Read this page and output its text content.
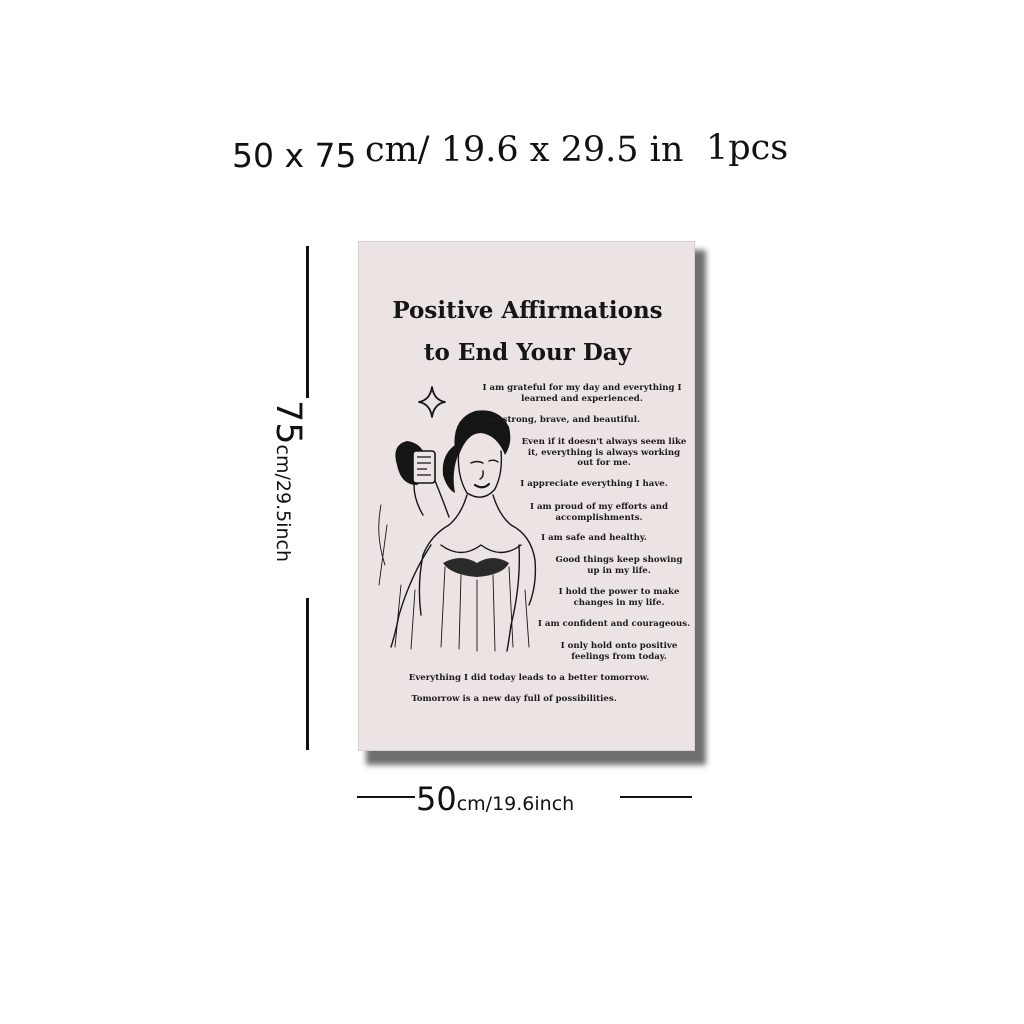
50 x 75 cm/ 19.6 x 29.5 in 1pcs
Positive Affirmations
to End Your Day
I am grateful for my day and everything I
learned and experienced.
I am strong, brave, and beautiful.
Even if it doesn't always seem like
it, everything is always working
out for me.
I appreciate everything I have.
I am proud of my efforts and
accomplishments.
I am safe and healthy.
Good things keep showing
up in my life.
I hold the power to make
changes in my life.
I am confident and courageous.
I only hold onto positive
feelings from today.
Everything I did today leads to a better tomorrow.
Tomorrow is a new day full of possibilities.
75cm/29.5inch
50cm/19.6inch
